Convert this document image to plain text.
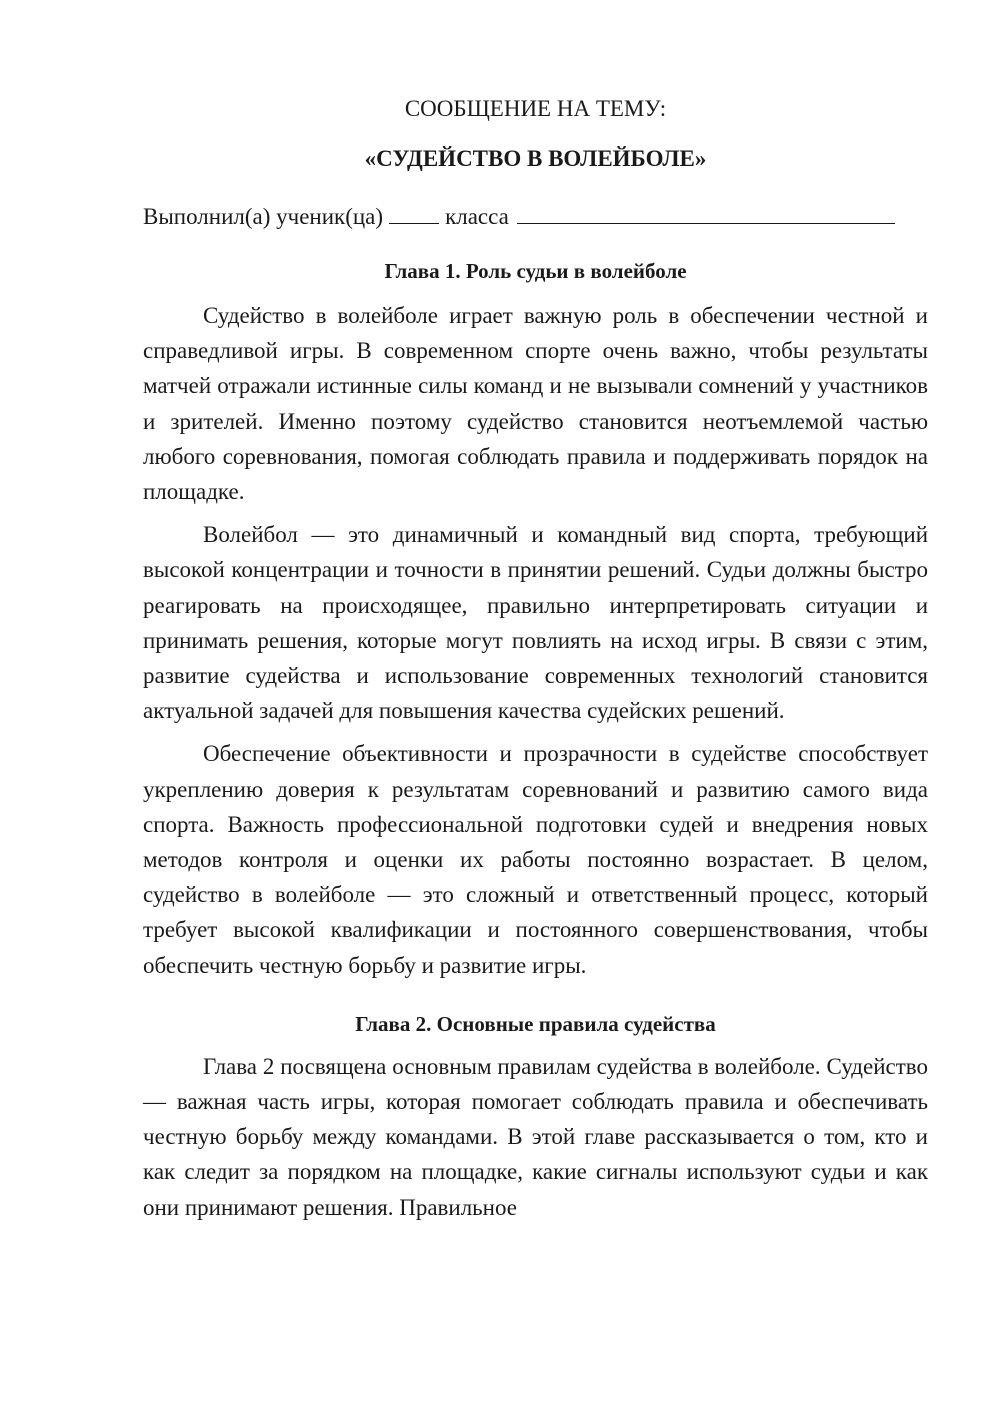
СООБЩЕНИЕ НА ТЕМУ:

«СУДЕЙСТВО В ВОЛЕЙБОЛЕ»

Выполнил(а) ученик(ца)	класса
Глава 1. Роль судьи в волейболе

Судейство в волейболе играет важную роль в обеспечении честной и справедливой игры. В современном спорте очень важно, чтобы результаты матчей отражали истинные силы команд и не вызывали сомнений у участников и зрителей. Именно поэтому судейство становится неотъемлемой частью любого соревнования, помогая соблюдать правила и поддерживать порядок на площадке.

Волейбол — это динамичный и командный вид спорта, требующий высокой концентрации и точности в принятии решений. Судьи должны быстро реагировать на происходящее, правильно интерпретировать ситуации и принимать решения, которые могут повлиять на исход игры. В связи с этим, развитие судейства и использование современных технологий становится актуальной задачей для повышения качества судейских решений.

Обеспечение объективности и прозрачности в судействе способствует укреплению доверия к результатам соревнований и развитию самого вида спорта. Важность профессиональной подготовки судей и внедрения новых методов контроля и оценки их работы постоянно возрастает. В целом, судейство в волейболе — это сложный и ответственный процесс, который требует высокой квалификации и постоянного совершенствования, чтобы обеспечить честную борьбу и развитие игры.

Глава 2. Основные правила судейства

Глава 2 посвящена основным правилам судейства в волейболе. Судейство — важная часть игры, которая помогает соблюдать правила и обеспечивать честную борьбу между командами. В этой главе рассказывается о том, кто и как следит за порядком на площадке, какие сигналы используют судьи и как они принимают решения. Правильное
